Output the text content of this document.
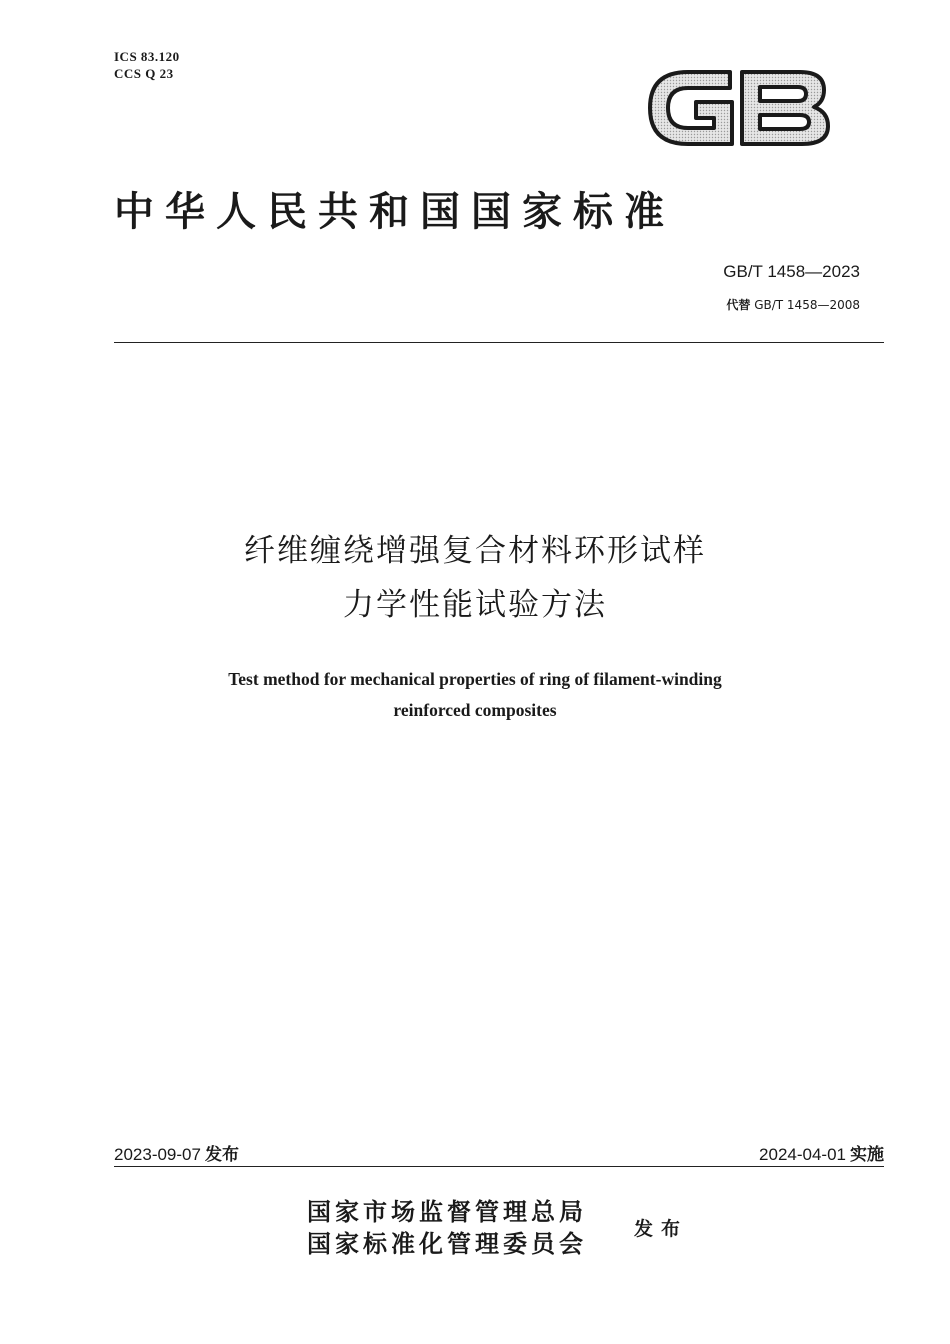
ICS 83.120
CCS Q 23
中华人民共和国国家标准
GB/T 1458—2023
代替 GB/T 1458—2008
纤维缠绕增强复合材料环形试样
力学性能试验方法
Test method for mechanical properties of ring of filament-winding
reinforced composites
2023-09-07 发布	2024-04-01 实施
国家市场监督管理总局
国家标准化管理委员会 发布
